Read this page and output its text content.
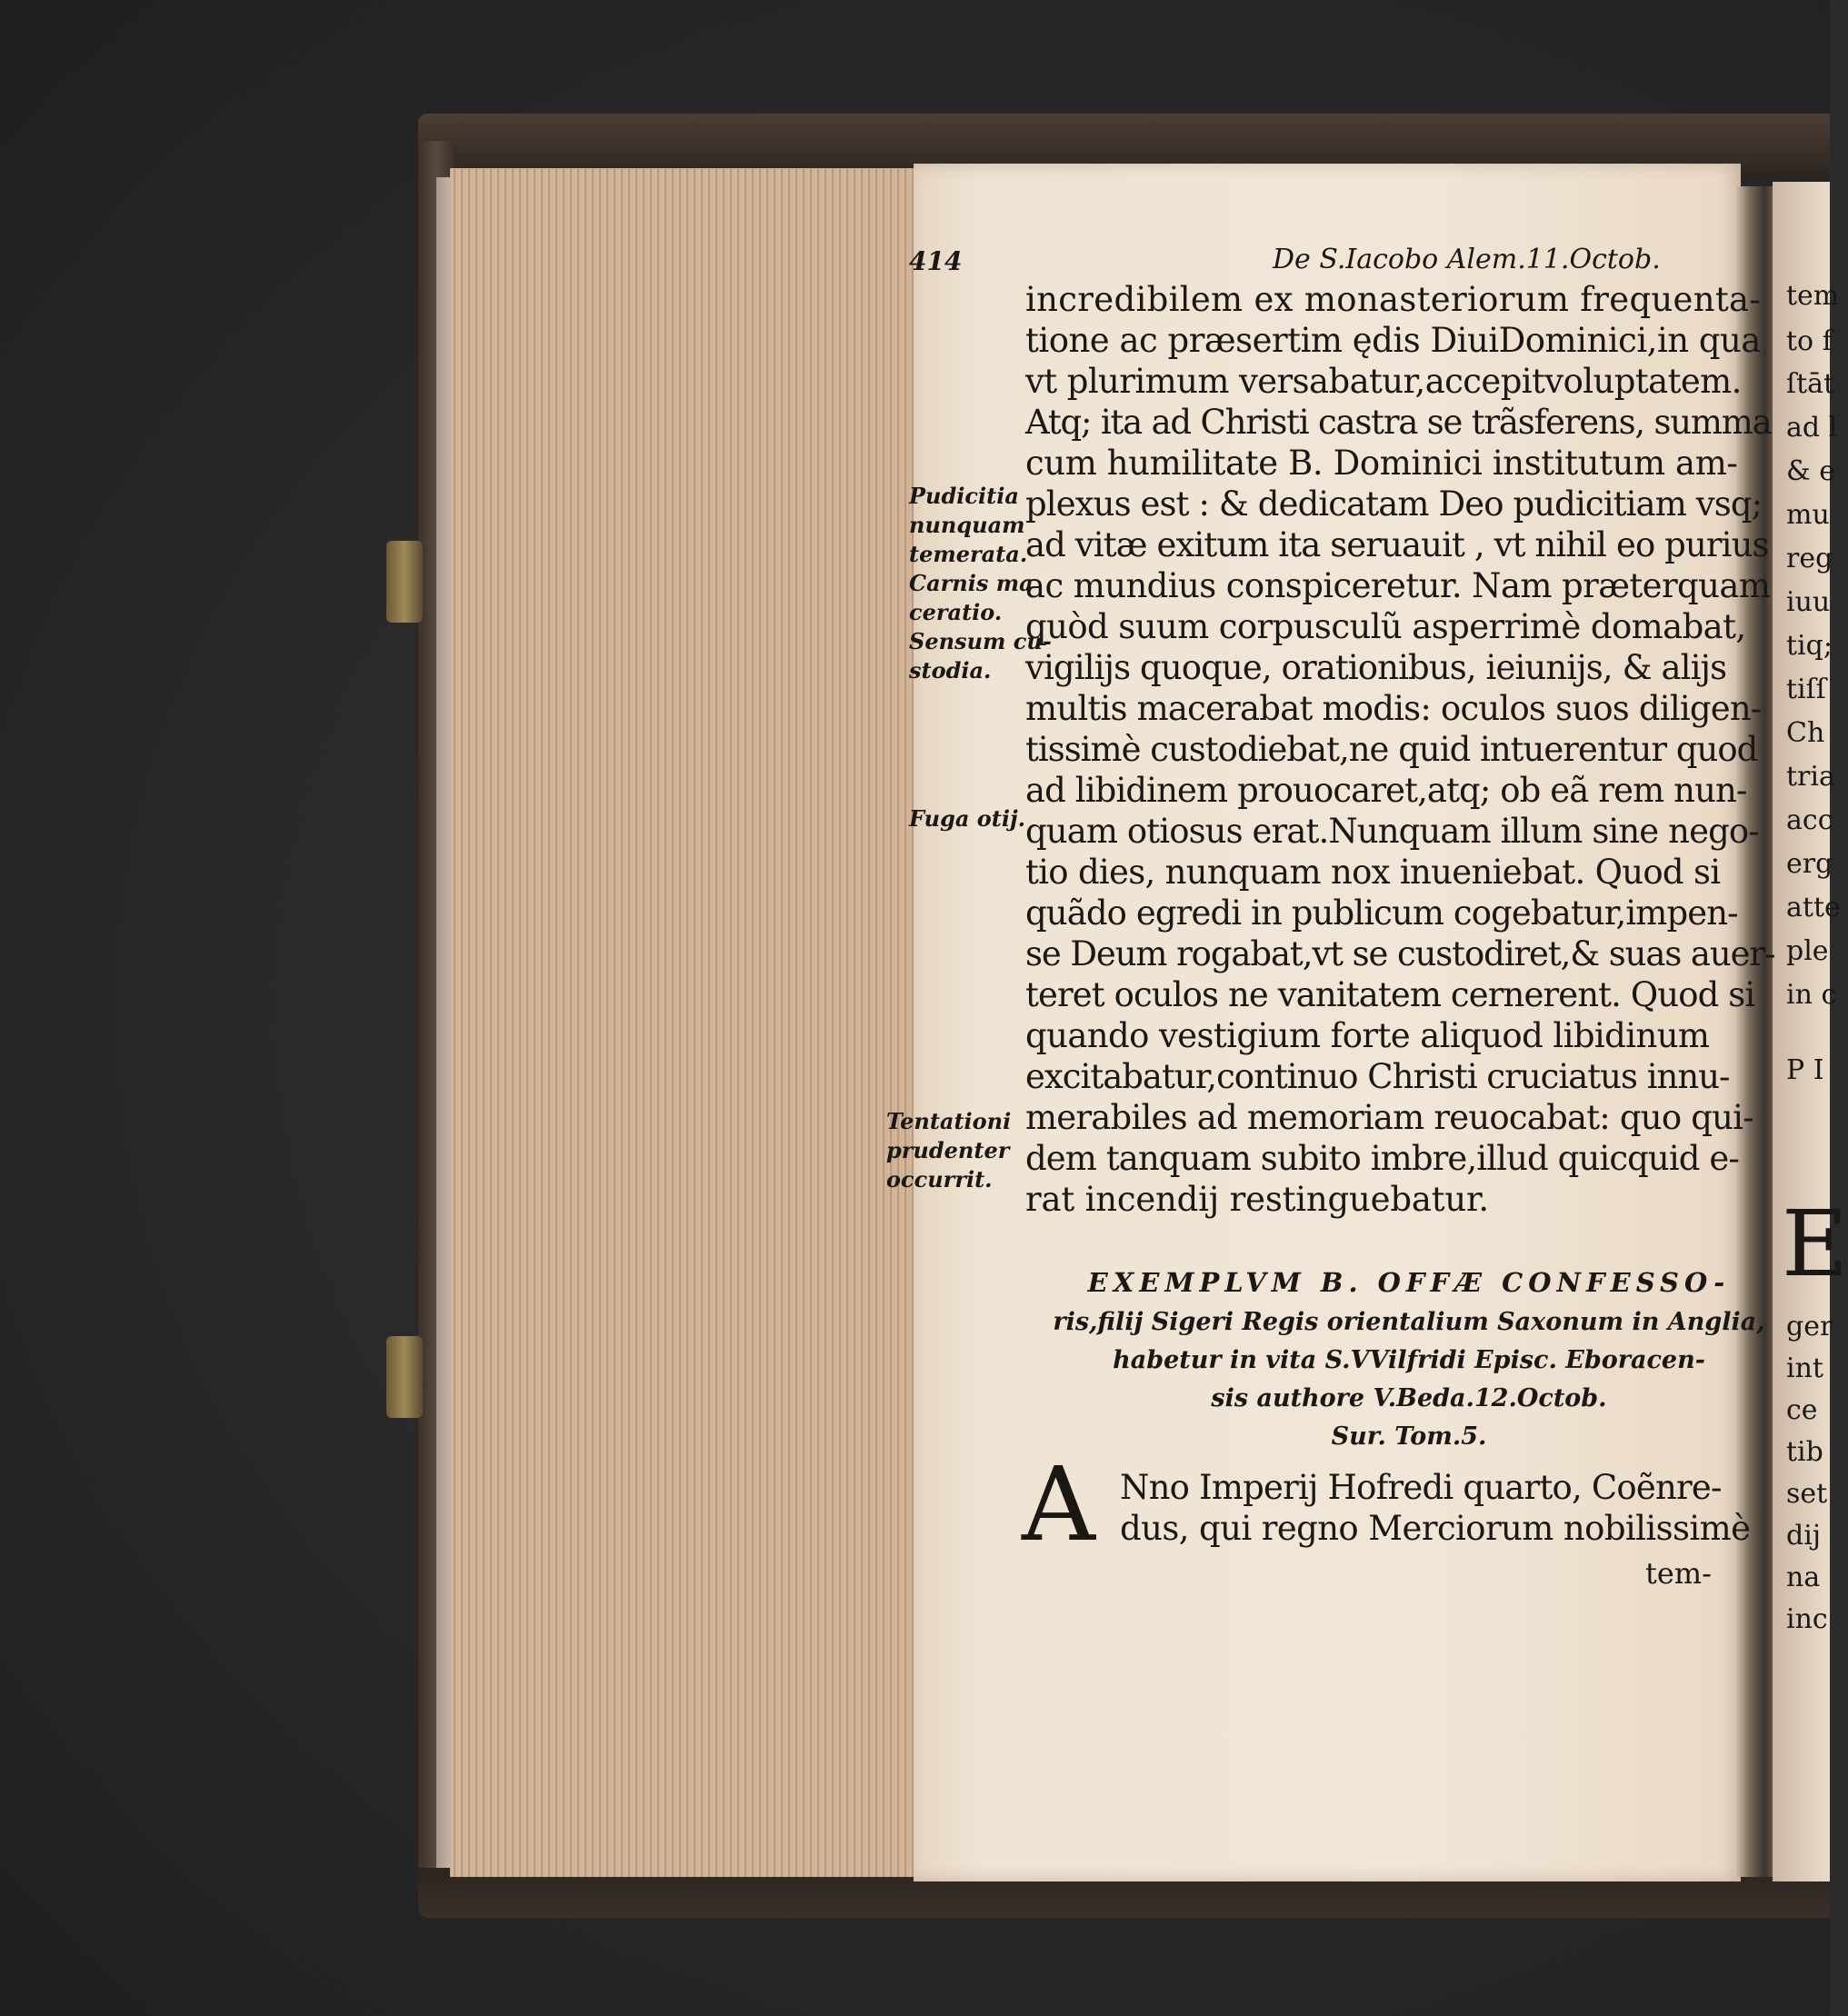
414	De S.Iacobo Alem.11.Octob.
incredibilem ex monasteriorum frequenta-
tione ac præsertim ędis DiuiDominici,in qua
vt plurimum versabatur,accepitvoluptatem.
Atq; ita ad Christi castra se trãsferens, summa
cum humilitate B. Dominici institutum am-
plexus est : & dedicatam Deo pudicitiam vsq;
ad vitæ exitum ita seruauit , vt nihil eo purius
ac mundius conspiceretur. Nam præterquam
quòd suum corpusculũ asperrimè domabat,
vigilijs quoque, orationibus, ieiunijs, & alijs
multis macerabat modis: oculos suos diligen-
tissimè custodiebat,ne quid intuerentur quod
ad libidinem prouocaret,atq; ob eã rem nun-
quam otiosus erat.Nunquam illum sine nego-
tio dies, nunquam nox inueniebat. Quod si
quãdo egredi in publicum cogebatur,impen-
se Deum rogabat,vt se custodiret,& suas auer-
teret oculos ne vanitatem cernerent. Quod si
quando vestigium forte aliquod libidinum
excitabatur,continuo Christi cruciatus innu-
merabiles ad memoriam reuocabat: quo qui-
dem tanquam subito imbre,illud quicquid e-
rat incendij restinguebatur.
Pudicitia
nunquam
temerata.
Carnis ma
ceratio.
Sensum cu-
stodia.
Fuga otij.
Tentationi
prudenter
occurrit.
EXEMPLVM B. OFFÆ CONFESSO-
ris,filij Sigeri Regis orientalium Saxonum in Anglia,
habetur in vita S.VVilfridi Episc. Eboracen-
sis authore V.Beda.12.Octob.
Sur. Tom.5.
A Nno Imperij Hofredi quarto, Coẽnre-
dus, qui regno Merciorum nobilissimè
tem-
tem
to f
ſtāt
ad l
& e
mu
reg
iuu
tiq;
tiſſ
Ch
tria
acc
erg
atte
ple
in c
P I
E
ger
int
ce
tib
set
dij
na
inc
